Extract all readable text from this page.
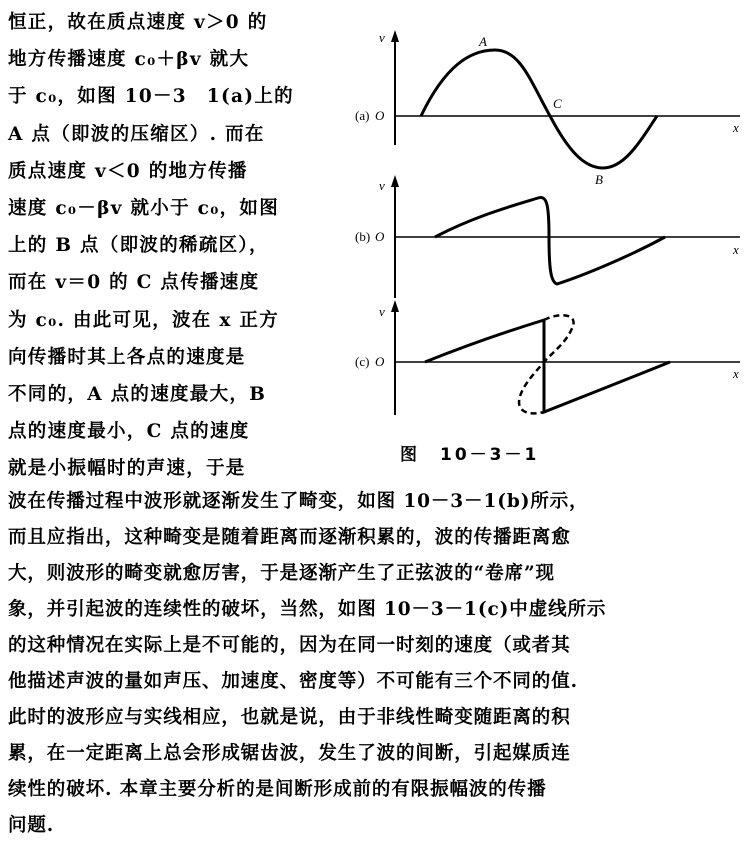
恒正，故在质点速度 v＞0 的
地方传播速度 c₀＋βv 就大
于 c₀，如图 10－3　1(a)上的
A 点（即波的压缩区）. 而在
质点速度 v＜0 的地方传播
速度 c₀－βv 就小于 c₀，如图
上的 B 点（即波的稀疏区），
而在 v＝0 的 C 点传播速度
为 c₀. 由此可见，波在 x 正方
向传播时其上各点的速度是
不同的，A 点的速度最大，B
点的速度最小，C 点的速度
就是小振幅时的声速，于是
(a) O
v
x
A
B
C
(b) O
v
x
(c) O
v
x
图　10－3－1
波在传播过程中波形就逐渐发生了畸变，如图 10－3－1(b)所示，
而且应指出，这种畸变是随着距离而逐渐积累的，波的传播距离愈
大，则波形的畸变就愈厉害，于是逐渐产生了正弦波的“卷席”现
象，并引起波的连续性的破坏，当然，如图 10－3－1(c)中虚线所示
的这种情况在实际上是不可能的，因为在同一时刻的速度（或者其
他描述声波的量如声压、加速度、密度等）不可能有三个不同的值.
此时的波形应与实线相应，也就是说，由于非线性畸变随距离的积
累，在一定距离上总会形成锯齿波，发生了波的间断，引起媒质连
续性的破坏. 本章主要分析的是间断形成前的有限振幅波的传播
问题.
